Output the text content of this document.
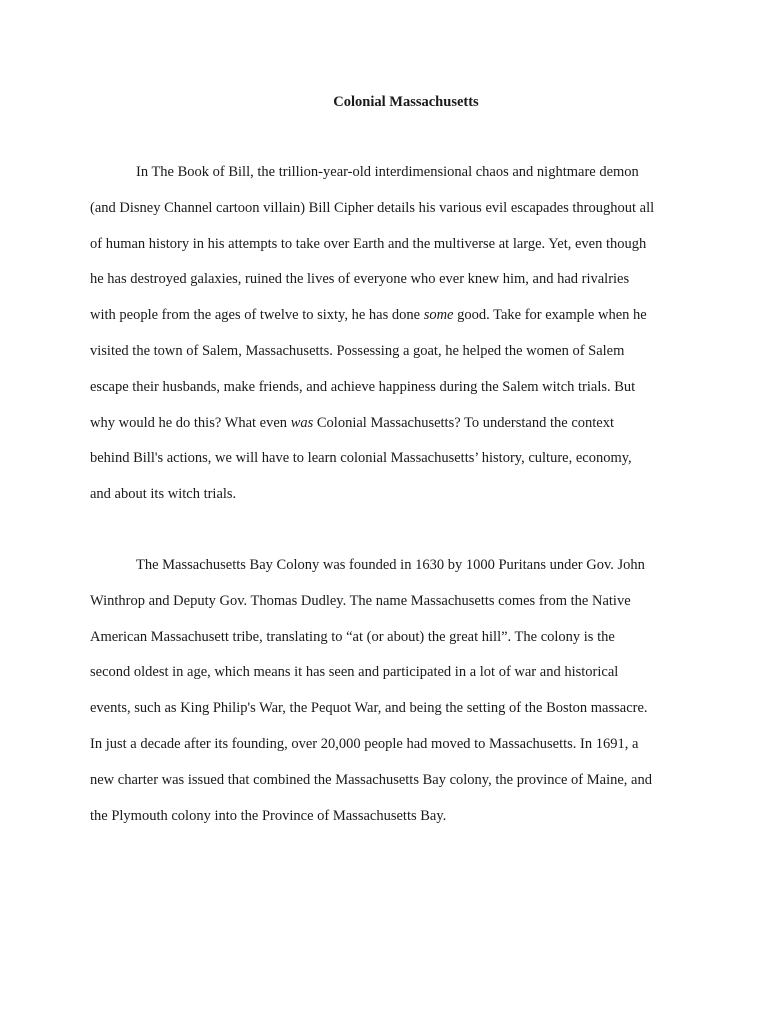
Colonial Massachusetts
In The Book of Bill, the trillion-year-old interdimensional chaos and nightmare demon
(and Disney Channel cartoon villain) Bill Cipher details his various evil escapades throughout all
of human history in his attempts to take over Earth and the multiverse at large. Yet, even though
he has destroyed galaxies, ruined the lives of everyone who ever knew him, and had rivalries
with people from the ages of twelve to sixty, he has done some good. Take for example when he
visited the town of Salem, Massachusetts. Possessing a goat, he helped the women of Salem
escape their husbands, make friends, and achieve happiness during the Salem witch trials. But
why would he do this? What even was Colonial Massachusetts? To understand the context
behind Bill's actions, we will have to learn colonial Massachusetts’ history, culture, economy,
and about its witch trials.
The Massachusetts Bay Colony was founded in 1630 by 1000 Puritans under Gov. John
Winthrop and Deputy Gov. Thomas Dudley. The name Massachusetts comes from the Native
American Massachusett tribe, translating to “at (or about) the great hill”. The colony is the
second oldest in age, which means it has seen and participated in a lot of war and historical
events, such as King Philip's War, the Pequot War, and being the setting of the Boston massacre.
In just a decade after its founding, over 20,000 people had moved to Massachusetts. In 1691, a
new charter was issued that combined the Massachusetts Bay colony, the province of Maine, and
the Plymouth colony into the Province of Massachusetts Bay.
